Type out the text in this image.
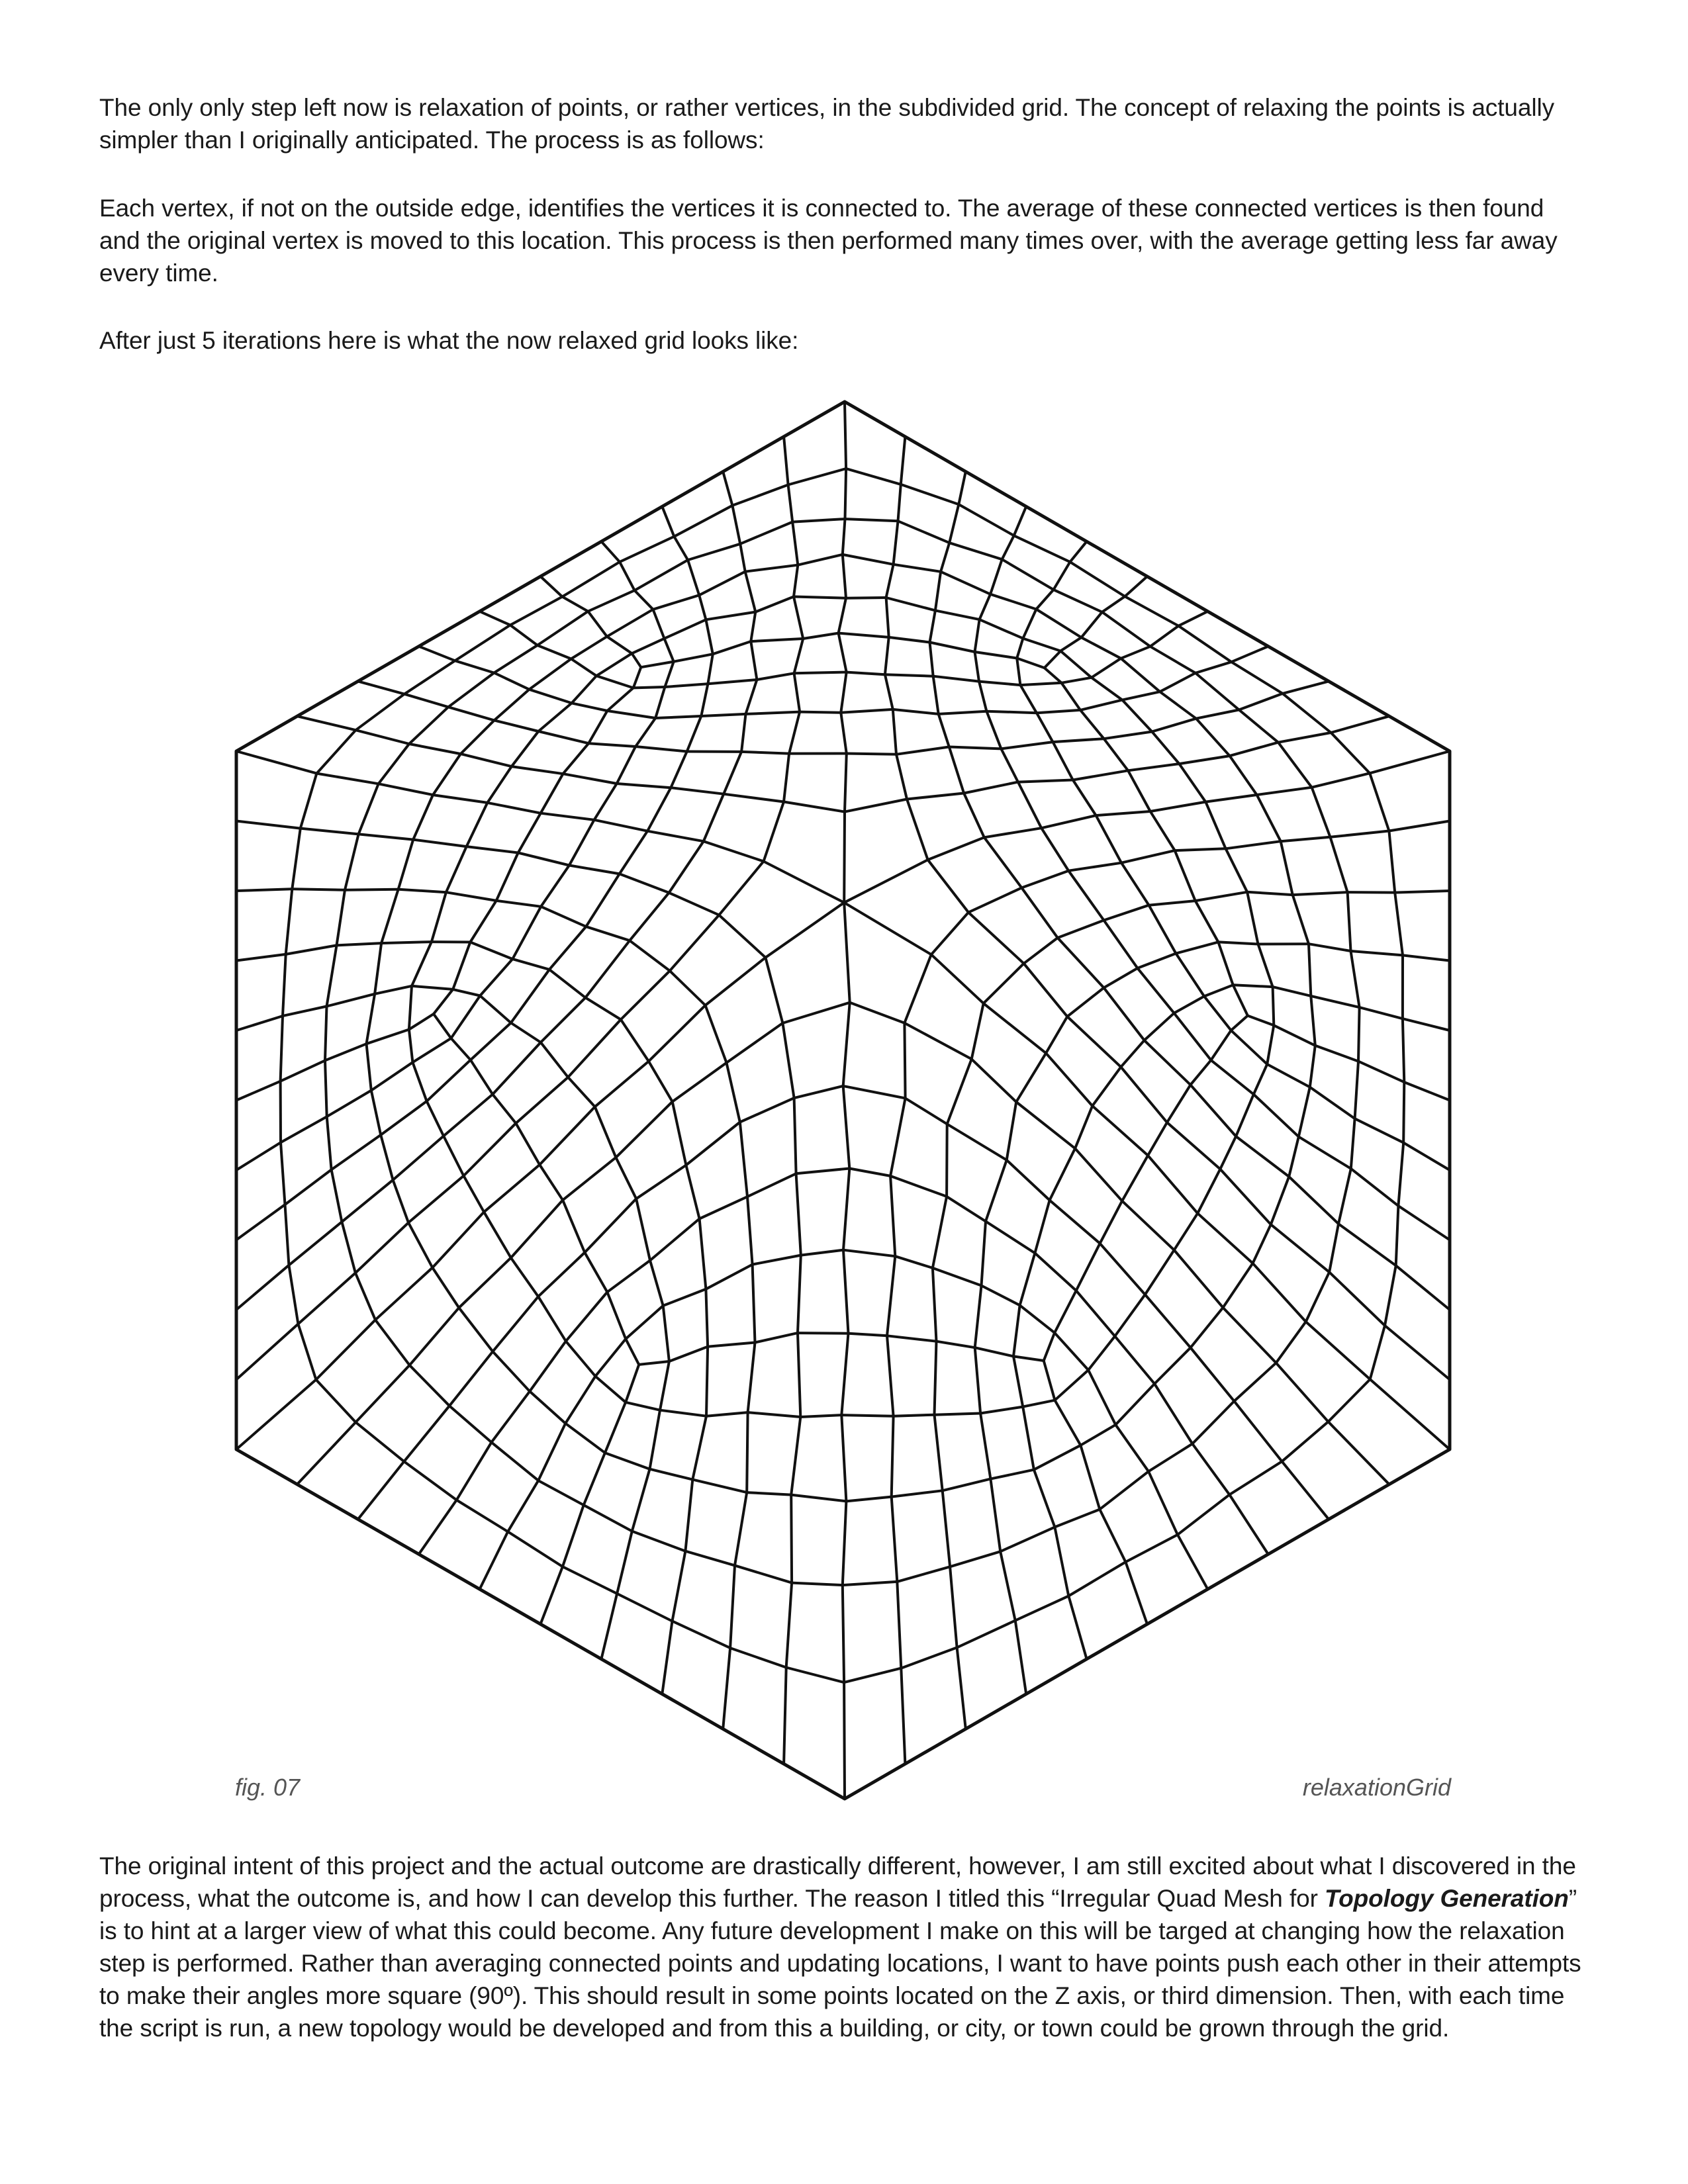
The only only step left now is relaxation of points, or rather vertices, in the subdivided grid. The concept of relaxing the points is actually simpler than I originally anticipated. The process is as follows:

Each vertex, if not on the outside edge, identifies the vertices it is connected to. The average of these connected vertices is then found and the original vertex is moved to this location. This process is then performed many times over, with the average getting less far away every time.

After just 5 iterations here is what the now relaxed grid looks like:

fig. 07	relaxationGrid

The original intent of this project and the actual outcome are drastically different, however, I am still excited about what I discovered in the process, what the outcome is, and how I can develop this further. The reason I titled this “Irregular Quad Mesh for Topology Generation” is to hint at a larger view of what this could become. Any future development I make on this will be targed at changing how the relaxation step is performed. Rather than averaging connected points and updating locations, I want to have points push each other in their attempts to make their angles more square (90º). This should result in some points located on the Z axis, or third dimension. Then, with each time the script is run, a new topology would be developed and from this a building, or city, or town could be grown through the grid.
